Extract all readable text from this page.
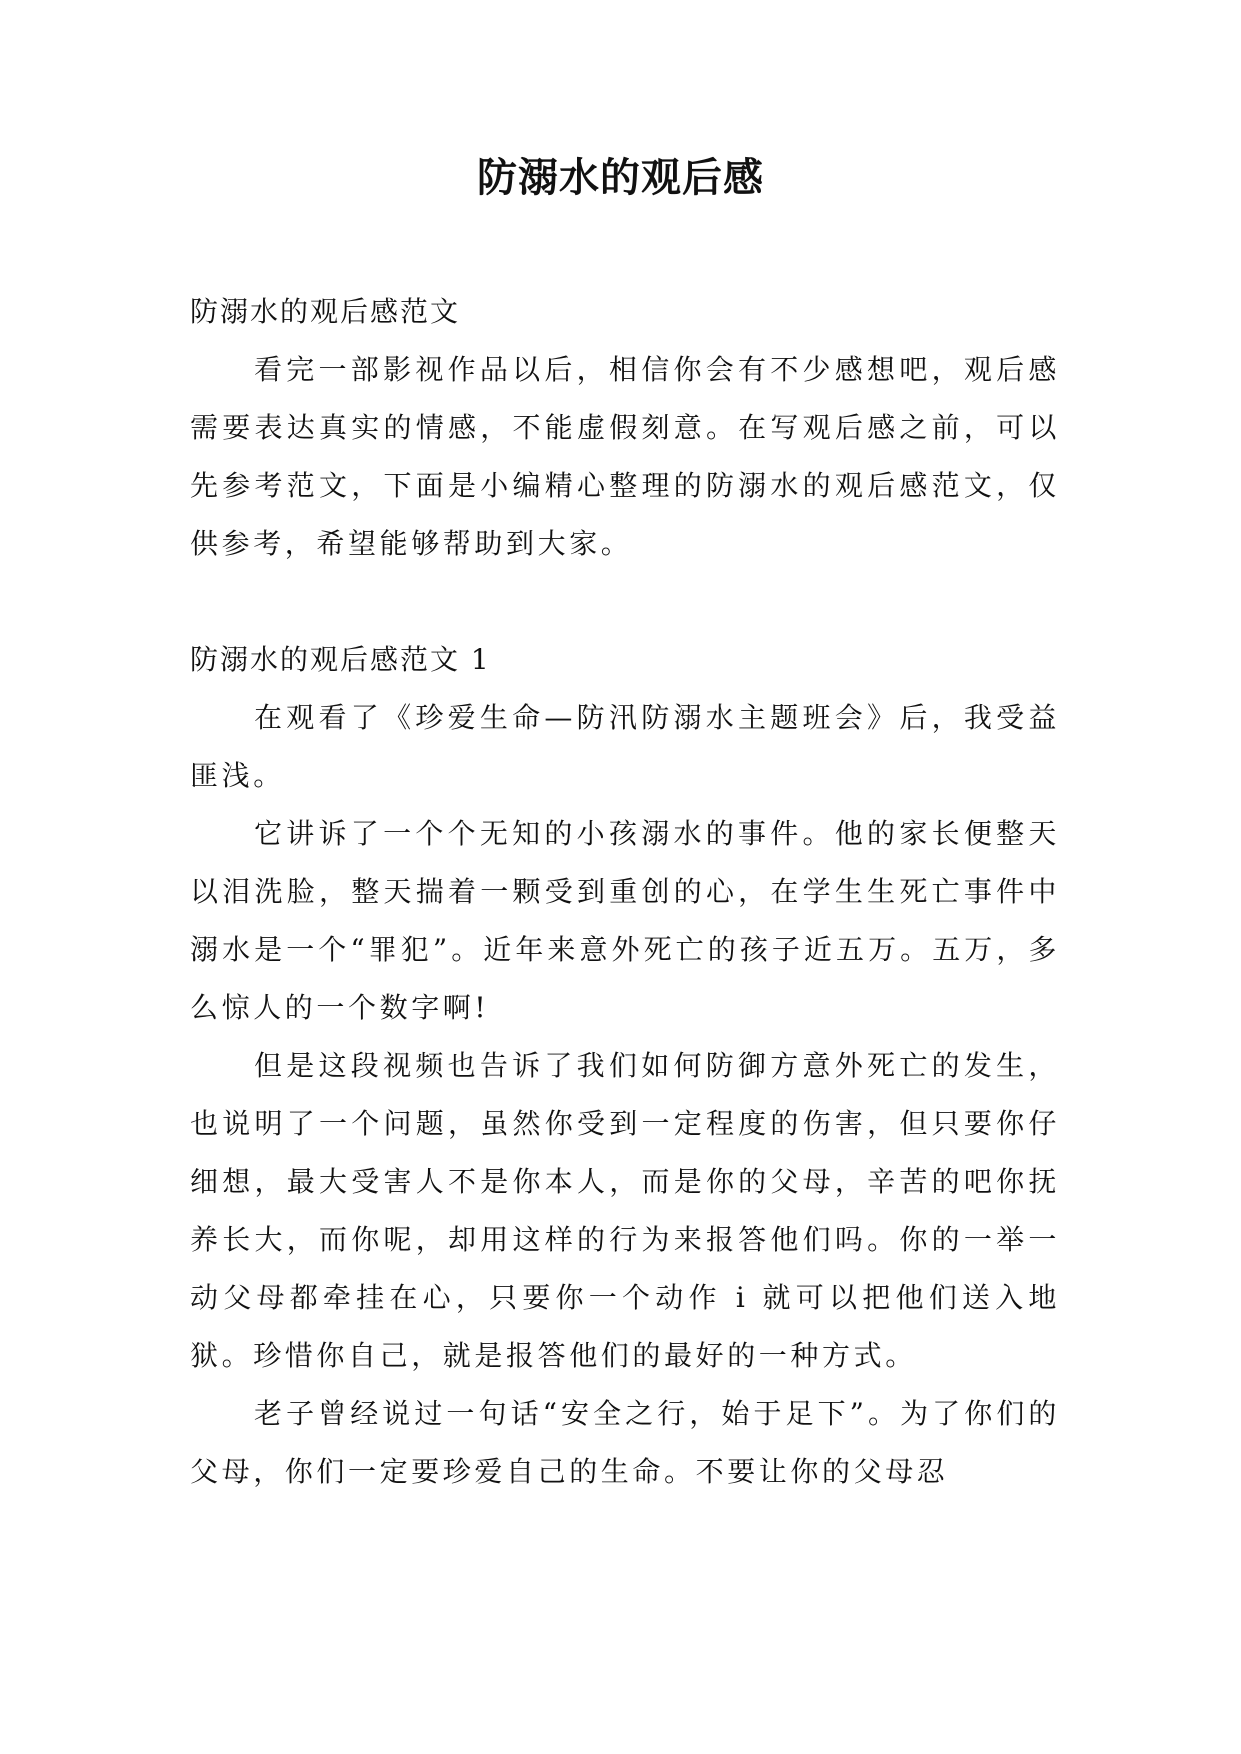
防溺水的观后感

防溺水的观后感范文

看完一部影视作品以后，相信你会有不少感想吧，观后感需要表达真实的情感，不能虚假刻意。在写观后感之前，可以先参考范文，下面是小编精心整理的防溺水的观后感范文，仅供参考，希望能够帮助到大家。

防溺水的观后感范文 1

在观看了《珍爱生命—防汛防溺水主题班会》后，我受益匪浅。

它讲诉了一个个无知的小孩溺水的事件。他的家长便整天以泪洗脸，整天揣着一颗受到重创的心，在学生生死亡事件中溺水是一个“罪犯”。近年来意外死亡的孩子近五万。五万，多么惊人的一个数字啊!

但是这段视频也告诉了我们如何防御方意外死亡的发生，也说明了一个问题，虽然你受到一定程度的伤害，但只要你仔细想，最大受害人不是你本人，而是你的父母，辛苦的吧你抚养长大，而你呢，却用这样的行为来报答他们吗。你的一举一动父母都牵挂在心，只要你一个动作 i 就可以把他们送入地狱。珍惜你自己，就是报答他们的最好的一种方式。

老子曾经说过一句话“安全之行，始于足下”。为了你们的父母，你们一定要珍爱自己的生命。不要让你的父母忍
